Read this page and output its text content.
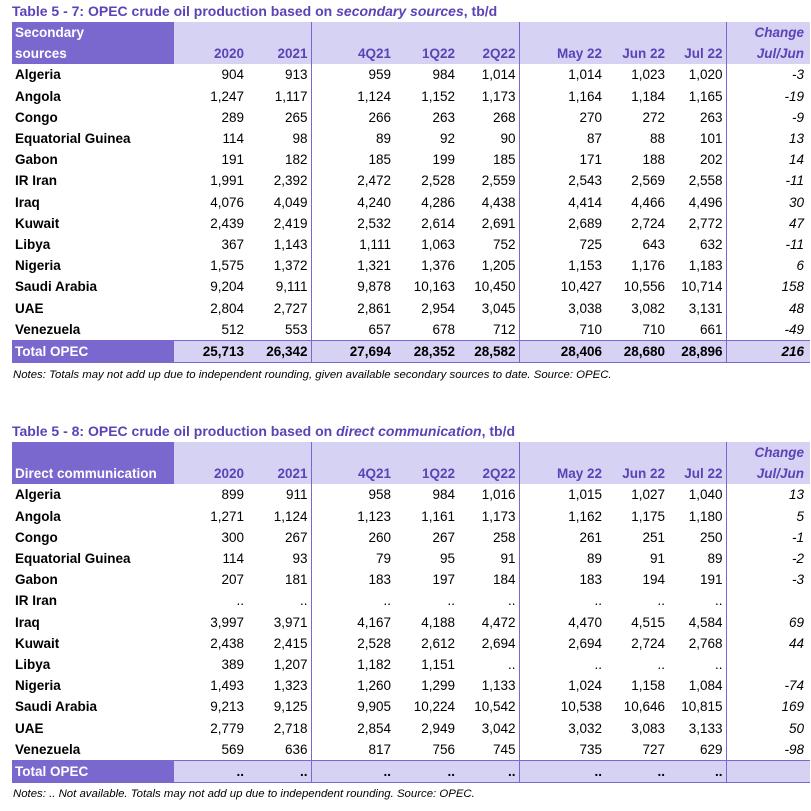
Table 5 - 7: OPEC crude oil production based on secondary sources, tb/d
Secondary									Change
sources	2020	2021	4Q21	1Q22	2Q22	May 22	Jun 22	Jul 22	Jul/Jun
Algeria	904	913	959	984	1,014	1,014	1,023	1,020	-3
Angola	1,247	1,117	1,124	1,152	1,173	1,164	1,184	1,165	-19
Congo	289	265	266	263	268	270	272	263	-9
Equatorial Guinea	114	98	89	92	90	87	88	101	13
Gabon	191	182	185	199	185	171	188	202	14
IR Iran	1,991	2,392	2,472	2,528	2,559	2,543	2,569	2,558	-11
Iraq	4,076	4,049	4,240	4,286	4,438	4,414	4,466	4,496	30
Kuwait	2,439	2,419	2,532	2,614	2,691	2,689	2,724	2,772	47
Libya	367	1,143	1,111	1,063	752	725	643	632	-11
Nigeria	1,575	1,372	1,321	1,376	1,205	1,153	1,176	1,183	6
Saudi Arabia	9,204	9,111	9,878	10,163	10,450	10,427	10,556	10,714	158
UAE	2,804	2,727	2,861	2,954	3,045	3,038	3,082	3,131	48
Venezuela	512	553	657	678	712	710	710	661	-49
Total OPEC	25,713	26,342	27,694	28,352	28,582	28,406	28,680	28,896	216
Notes: Totals may not add up due to independent rounding, given available secondary sources to date. Source: OPEC.
Table 5 - 8: OPEC crude oil production based on direct communication, tb/d
									Change
Direct communication	2020	2021	4Q21	1Q22	2Q22	May 22	Jun 22	Jul 22	Jul/Jun
Algeria	899	911	958	984	1,016	1,015	1,027	1,040	13
Angola	1,271	1,124	1,123	1,161	1,173	1,162	1,175	1,180	5
Congo	300	267	260	267	258	261	251	250	-1
Equatorial Guinea	114	93	79	95	91	89	91	89	-2
Gabon	207	181	183	197	184	183	194	191	-3
IR Iran	..	..	..	..	..	..	..	..	
Iraq	3,997	3,971	4,167	4,188	4,472	4,470	4,515	4,584	69
Kuwait	2,438	2,415	2,528	2,612	2,694	2,694	2,724	2,768	44
Libya	389	1,207	1,182	1,151	..	..	..	..	
Nigeria	1,493	1,323	1,260	1,299	1,133	1,024	1,158	1,084	-74
Saudi Arabia	9,213	9,125	9,905	10,224	10,542	10,538	10,646	10,815	169
UAE	2,779	2,718	2,854	2,949	3,042	3,032	3,083	3,133	50
Venezuela	569	636	817	756	745	735	727	629	-98
Total OPEC	..	..	..	..	..	..	..	..	
Notes: .. Not available. Totals may not add up due to independent rounding. Source: OPEC.
